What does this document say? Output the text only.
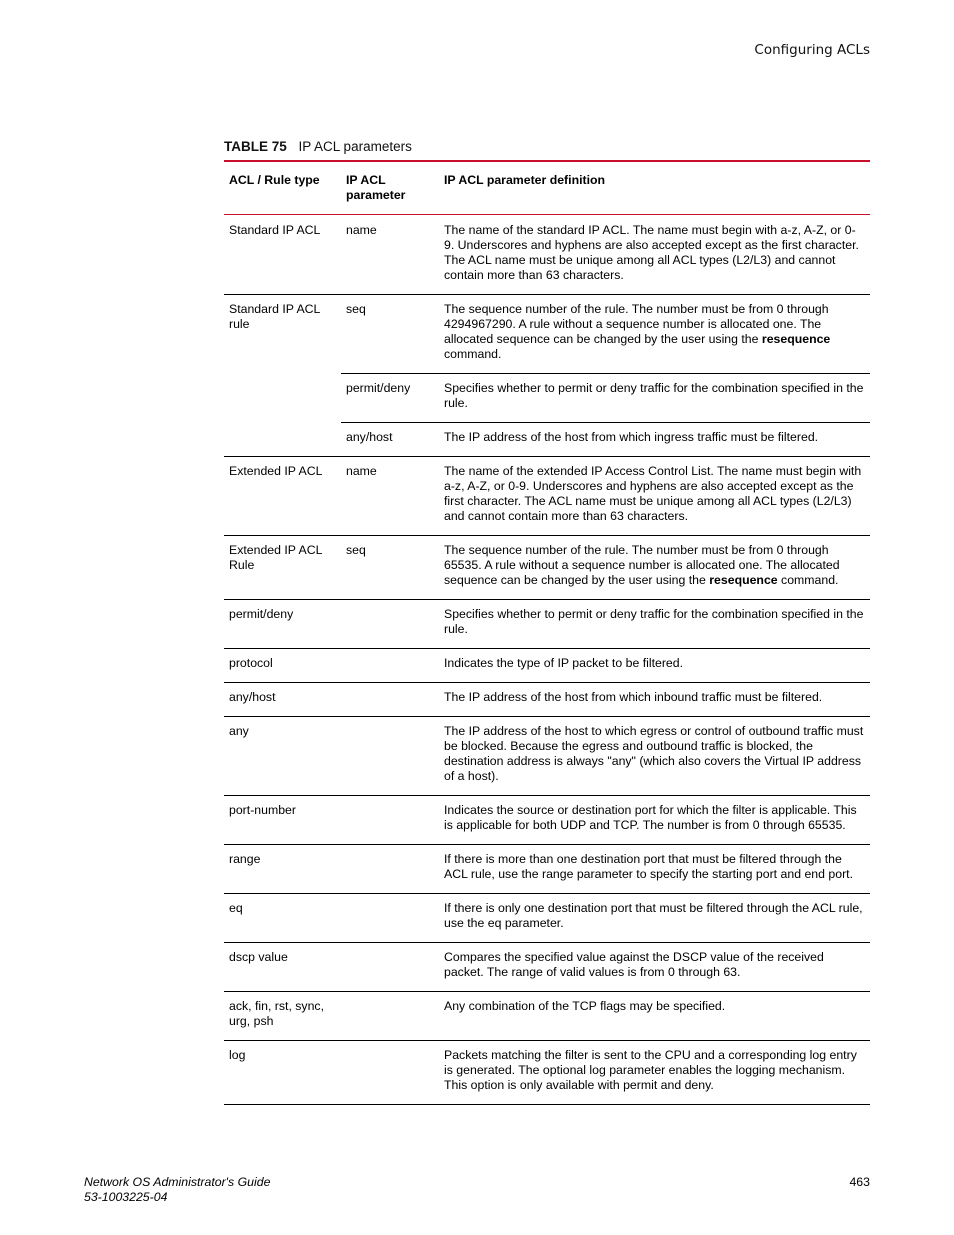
Configuring ACLs
TABLE 75 IP ACL parameters
ACL / Rule type	IP ACL parameter	IP ACL parameter definition
Standard IP ACL	name	The name of the standard IP ACL. The name must begin with a-z, A-Z, or 0-9. Underscores and hyphens are also accepted except as the first character. The ACL name must be unique among all ACL types (L2/L3) and cannot contain more than 63 characters.
Standard IP ACL rule	seq	The sequence number of the rule. The number must be from 0 through 4294967290. A rule without a sequence number is allocated one. The allocated sequence can be changed by the user using the resequence command.
	permit/deny	Specifies whether to permit or deny traffic for the combination specified in the rule.
	any/host	The IP address of the host from which ingress traffic must be filtered.
Extended IP ACL	name	The name of the extended IP Access Control List. The name must begin with a-z, A-Z, or 0-9. Underscores and hyphens are also accepted except as the first character. The ACL name must be unique among all ACL types (L2/L3) and cannot contain more than 63 characters.
Extended IP ACL Rule	seq	The sequence number of the rule. The number must be from 0 through 65535. A rule without a sequence number is allocated one. The allocated sequence can be changed by the user using the resequence command.
permit/deny		Specifies whether to permit or deny traffic for the combination specified in the rule.
protocol		Indicates the type of IP packet to be filtered.
any/host		The IP address of the host from which inbound traffic must be filtered.
any		The IP address of the host to which egress or control of outbound traffic must be blocked. Because the egress and outbound traffic is blocked, the destination address is always "any" (which also covers the Virtual IP address of a host).
port-number		Indicates the source or destination port for which the filter is applicable. This is applicable for both UDP and TCP. The number is from 0 through 65535.
range		If there is more than one destination port that must be filtered through the ACL rule, use the range parameter to specify the starting port and end port.
eq		If there is only one destination port that must be filtered through the ACL rule, use the eq parameter.
dscp value		Compares the specified value against the DSCP value of the received packet. The range of valid values is from 0 through 63.
ack, fin, rst, sync, urg, psh		Any combination of the TCP flags may be specified.
log		Packets matching the filter is sent to the CPU and a corresponding log entry is generated. The optional log parameter enables the logging mechanism. This option is only available with permit and deny.
Network OS Administrator's Guide
53-1003225-04
463
